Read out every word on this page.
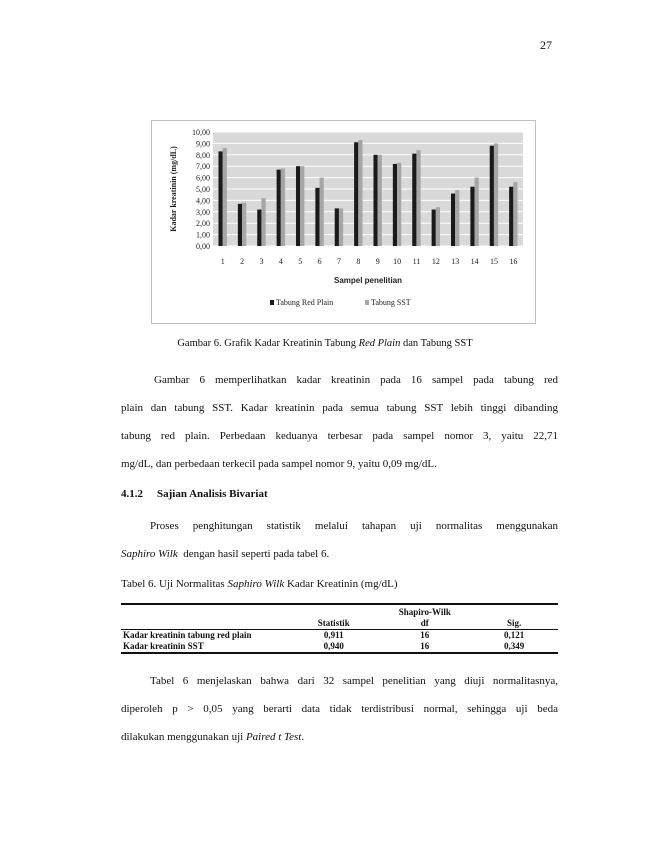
27
0,00
1,00
2,00
3,00
4,00
5,00
6,00
7,00
8,00
9,00
10,00
1 2 3 4 5 6 7 8 9 10 11 12 13 14 15 16
Sampel penelitian
Kadar kreatinin (mg/dL)
Tabung Red Plain	Tabung SST
Gambar 6. Grafik Kadar Kreatinin Tabung Red Plain dan Tabung SST
Gambar 6 memperlihatkan kadar kreatinin pada 16 sampel pada tabung red
plain dan tabung SST. Kadar kreatinin pada semua tabung SST lebih tinggi dibanding
tabung red plain. Perbedaan keduanya terbesar pada sampel nomor 3, yaitu 22,71
mg/dL, dan perbedaan terkecil pada sampel nomor 9, yaitu 0,09 mg/dL.
4.1.2 Sajian Analisis Bivariat
Proses penghitungan statistik melalui tahapan uji normalitas menggunakan
Saphiro Wilk dengan hasil seperti pada tabel 6.
Tabel 6. Uji Normalitas Saphiro Wilk Kadar Kreatinin (mg/dL)
		Shapiro-Wilk	
	Statistik	df	Sig.
Kadar kreatinin tabung red plain	0,911	16	0,121
Kadar kreatinin SST	0,940	16	0,349
Tabel 6 menjelaskan bahwa dari 32 sampel penelitian yang diuji normalitasnya,
diperoleh p > 0,05 yang berarti data tidak terdistribusi normal, sehingga uji beda
dilakukan menggunakan uji Paired t Test.
